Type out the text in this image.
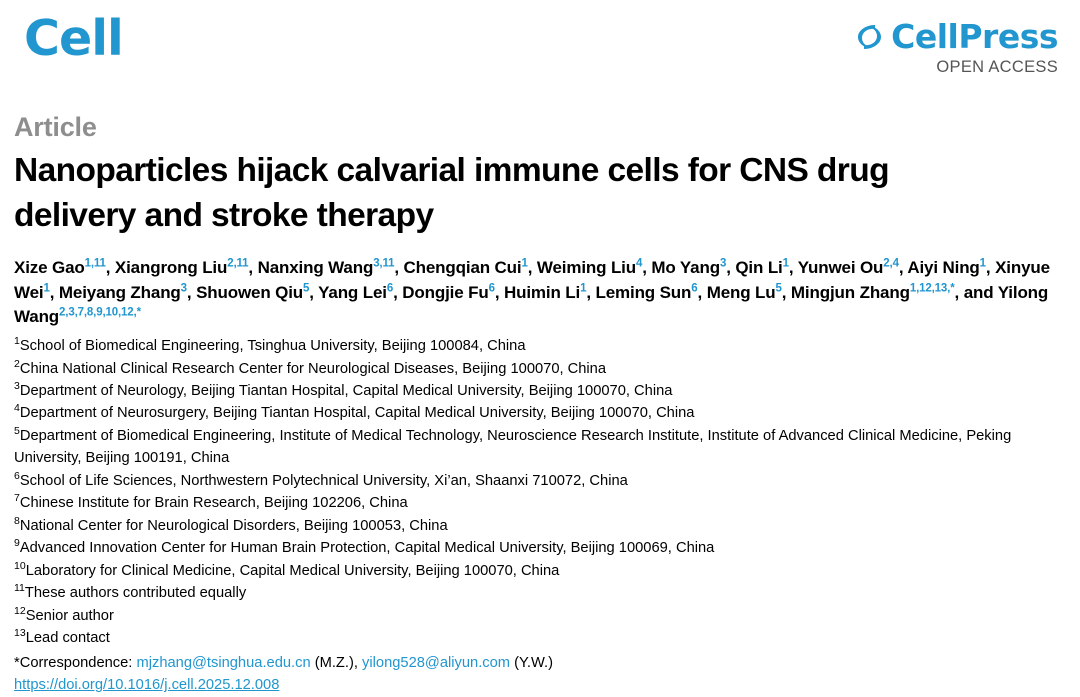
Cell	CellPress
OPEN ACCESS
Article
Nanoparticles hijack calvarial immune cells for CNS drug delivery and stroke therapy
Xize Gao$^{1,11}$, Xiangrong Liu$^{2,11}$, Nanxing Wang$^{3,11}$, Chengqian Cui$^1$, Weiming Liu$^4$, Mo Yang$^3$, Qin Li$^1$, Yunwei Ou$^{2,4}$, Aiyi Ning$^1$, Xinyue Wei$^1$, Meiyang Zhang$^3$, Shuowen Qiu$^5$, Yang Lei$^6$, Dongjie Fu$^6$, Huimin Li$^1$, Leming Sun$^6$, Meng Lu$^5$, Mingjun Zhang$^{1,12,13,*}$, and Yilong Wang$^{2,3,7,8,9,10,12,*}$

$^1$School of Biomedical Engineering, Tsinghua University, Beijing 100084, China

$^2$China National Clinical Research Center for Neurological Diseases, Beijing 100070, China

$^3$Department of Neurology, Beijing Tiantan Hospital, Capital Medical University, Beijing 100070, China

$^4$Department of Neurosurgery, Beijing Tiantan Hospital, Capital Medical University, Beijing 100070, China

$^5$Department of Biomedical Engineering, Institute of Medical Technology, Neuroscience Research Institute, Institute of Advanced Clinical Medicine, Peking University, Beijing 100191, China

$^6$School of Life Sciences, Northwestern Polytechnical University, Xi’an, Shaanxi 710072, China

$^7$Chinese Institute for Brain Research, Beijing 102206, China

$^8$National Center for Neurological Disorders, Beijing 100053, China

$^9$Advanced Innovation Center for Human Brain Protection, Capital Medical University, Beijing 100069, China

$^{10}$Laboratory for Clinical Medicine, Capital Medical University, Beijing 100070, China

$^{11}$These authors contributed equally

$^{12}$Senior author

$^{13}$Lead contact

*Correspondence: mjzhang@tsinghua.edu.cn (M.Z.), yilong528@aliyun.com (Y.W.)
https://doi.org/10.1016/j.cell.2025.12.008
